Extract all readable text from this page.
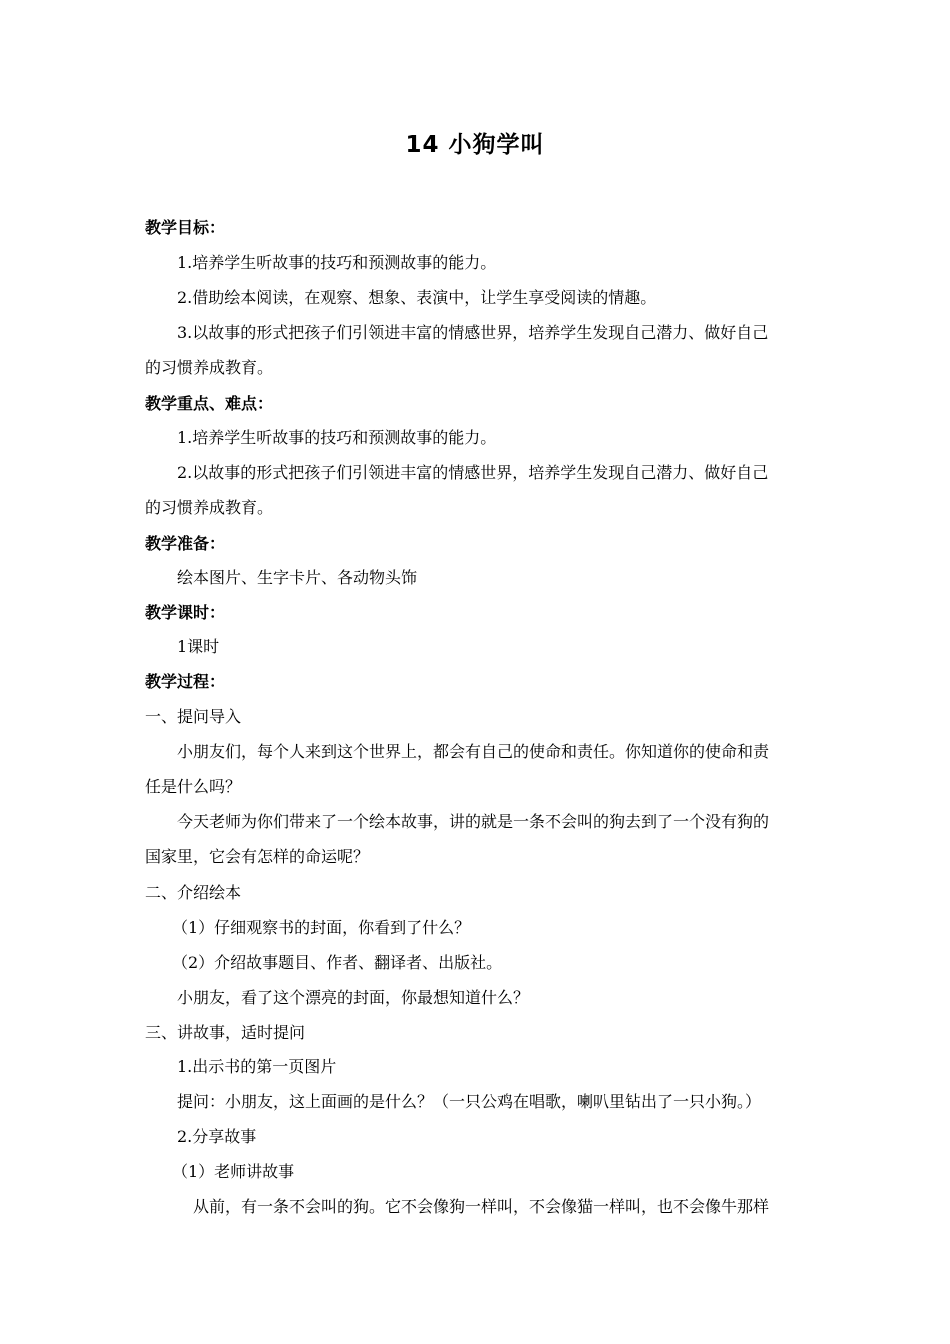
14 小狗学叫
教学目标：
1.培养学生听故事的技巧和预测故事的能力。
2.借助绘本阅读，在观察、想象、表演中，让学生享受阅读的情趣。
3.以故事的形式把孩子们引领进丰富的情感世界，培养学生发现自己潜力、做好自己
的习惯养成教育。
教学重点、难点：
1.培养学生听故事的技巧和预测故事的能力。
2.以故事的形式把孩子们引领进丰富的情感世界，培养学生发现自己潜力、做好自己
的习惯养成教育。
教学准备：
绘本图片、生字卡片、各动物头饰
教学课时：
1课时
教学过程：
一、提问导入
小朋友们，每个人来到这个世界上，都会有自己的使命和责任。你知道你的使命和责
任是什么吗？
今天老师为你们带来了一个绘本故事，讲的就是一条不会叫的狗去到了一个没有狗的
国家里，它会有怎样的命运呢？
二、介绍绘本
（1）仔细观察书的封面，你看到了什么？
（2）介绍故事题目、作者、翻译者、出版社。
小朋友，看了这个漂亮的封面，你最想知道什么？
三、讲故事，适时提问
1.出示书的第一页图片
提问：小朋友，这上面画的是什么？（一只公鸡在唱歌，喇叭里钻出了一只小狗。）
2.分享故事
（1）老师讲故事
从前，有一条不会叫的狗。它不会像狗一样叫，不会像猫一样叫，也不会像牛那样
